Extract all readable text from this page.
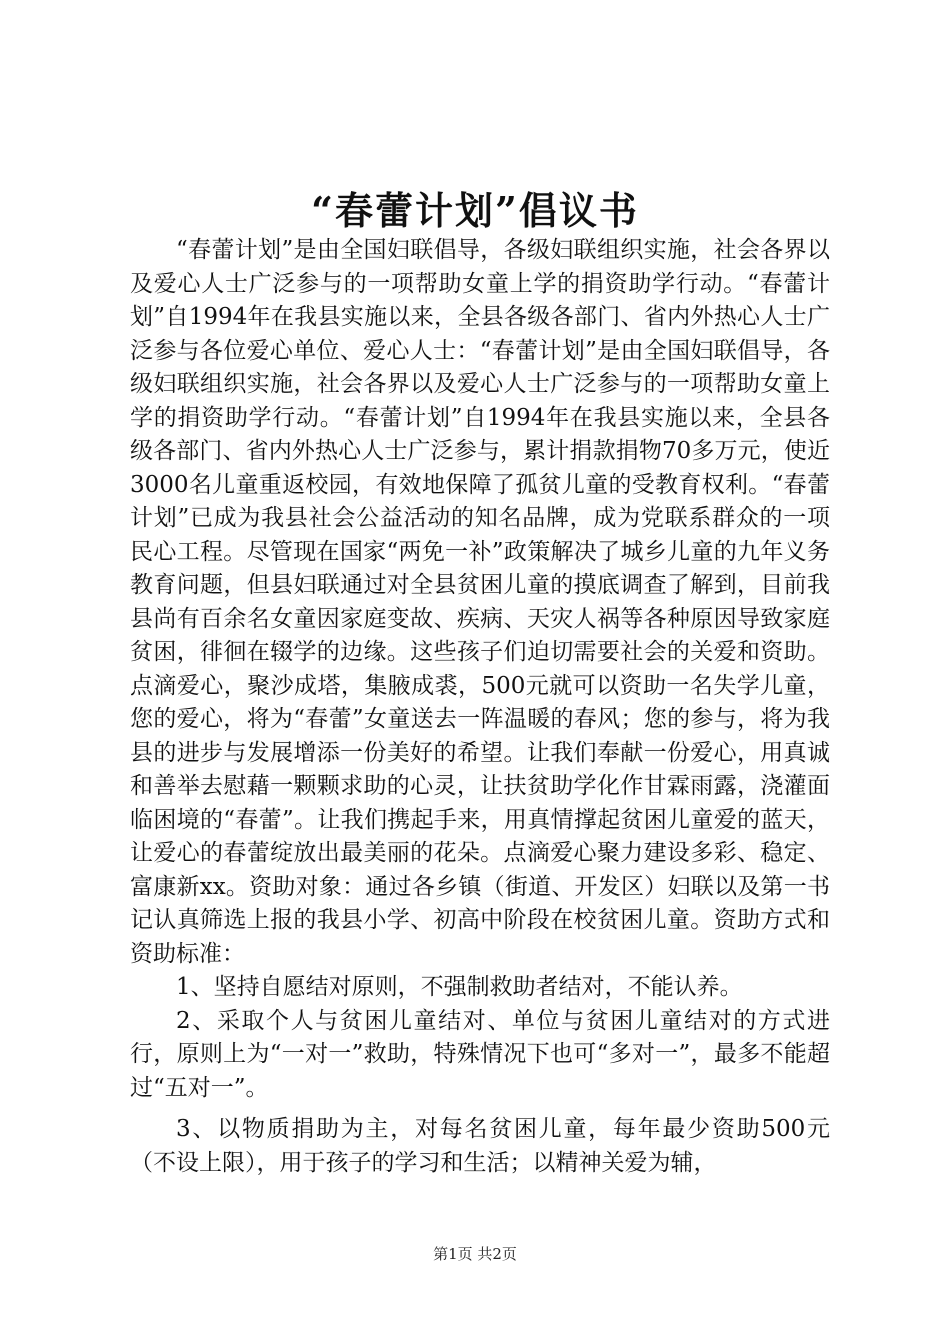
“春蕾计划”倡议书

“春蕾计划”是由全国妇联倡导，各级妇联组织实施，社会各界以及爱心人士广泛参与的一项帮助女童上学的捐资助学行动。“春蕾计划”自1994年在我县实施以来，全县各级各部门、省内外热心人士广泛参与各位爱心单位、爱心人士：“春蕾计划”是由全国妇联倡导，各级妇联组织实施，社会各界以及爱心人士广泛参与的一项帮助女童上学的捐资助学行动。“春蕾计划”自1994年在我县实施以来，全县各级各部门、省内外热心人士广泛参与，累计捐款捐物70多万元，使近3000名儿童重返校园，有效地保障了孤贫儿童的受教育权利。“春蕾计划”已成为我县社会公益活动的知名品牌，成为党联系群众的一项民心工程。尽管现在国家“两免一补”政策解决了城乡儿童的九年义务教育问题，但县妇联通过对全县贫困儿童的摸底调查了解到，目前我县尚有百余名女童因家庭变故、疾病、天灾人祸等各种原因导致家庭贫困，徘徊在辍学的边缘。这些孩子们迫切需要社会的关爱和资助。点滴爱心，聚沙成塔，集腋成裘，500元就可以资助一名失学儿童，您的爱心，将为“春蕾”女童送去一阵温暖的春风；您的参与，将为我县的进步与发展增添一份美好的希望。让我们奉献一份爱心，用真诚和善举去慰藉一颗颗求助的心灵，让扶贫助学化作甘霖雨露，浇灌面临困境的“春蕾”。让我们携起手来，用真情撑起贫困儿童爱的蓝天，让爱心的春蕾绽放出最美丽的花朵。点滴爱心聚力建设多彩、稳定、富康新xx。资助对象：通过各乡镇（街道、开发区）妇联以及第一书记认真筛选上报的我县小学、初高中阶段在校贫困儿童。资助方式和资助标准：

1、坚持自愿结对原则，不强制救助者结对，不能认养。

2、采取个人与贫困儿童结对、单位与贫困儿童结对的方式进行，原则上为“一对一”救助，特殊情况下也可“多对一”，最多不能超过“五对一”。

3、以物质捐助为主，对每名贫困儿童，每年最少资助500元（不设上限），用于孩子的学习和生活；以精神关爱为辅，

第1页 共2页
